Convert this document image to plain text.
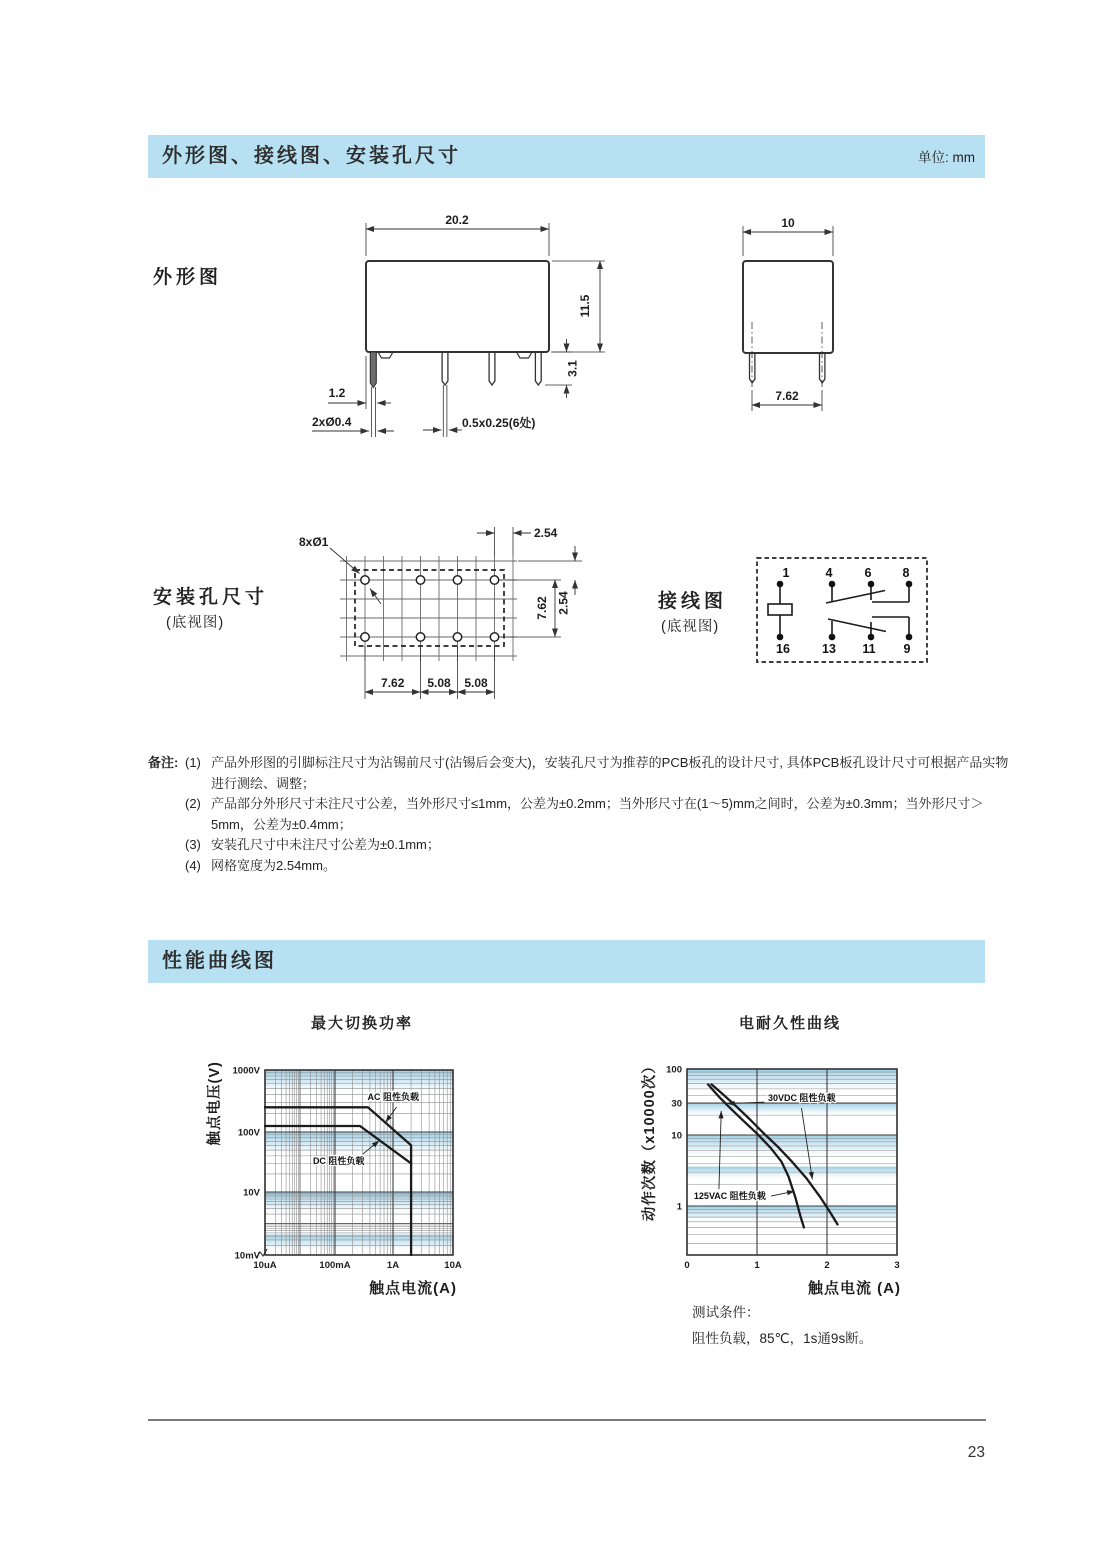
外形图、接线图、安装孔尺寸	单位: mm
外形图
安装孔尺寸
(底视图)
接线图
(底视图)
20.2
11.5
3.1
1.2
2xØ0.4	0.5x0.25(6处)
10
7.62
8xØ1
2.54
7.62 2.54
7.62 5.08 5.08
1	4	6 8
16	13 11 9
备注: (1) 产品外形图的引脚标注尺寸为沾锡前尺寸(沾锡后会变大)，安装孔尺寸为推荐的PCB板孔的设计尺寸, 具体PCB板孔设计尺寸可根据产品实物进行测绘、调整；
(2) 产品部分外形尺寸未注尺寸公差，当外形尺寸≤1mm，公差为±0.2mm；当外形尺寸在(1～5)mm之间时，公差为±0.3mm；当外形尺寸＞5mm，公差为±0.4mm；
(3) 安装孔尺寸中未注尺寸公差为±0.1mm；
(4) 网格宽度为2.54mm。
性能曲线图
最大切换功率	电耐久性曲线
AC 阻性负载
DC 阻性负载
10uA	100mA	1A	10A
1000V
100V
10V
10mV
触点电流(A)
触点电压(V)	30VDC 阻性负载
125VAC 阻性负载
0	1	2	3
100
30
10
1
触点电流 (A)
动作次数（x10000次）
测试条件：
阻性负载，85℃，1s通9s断。
23
